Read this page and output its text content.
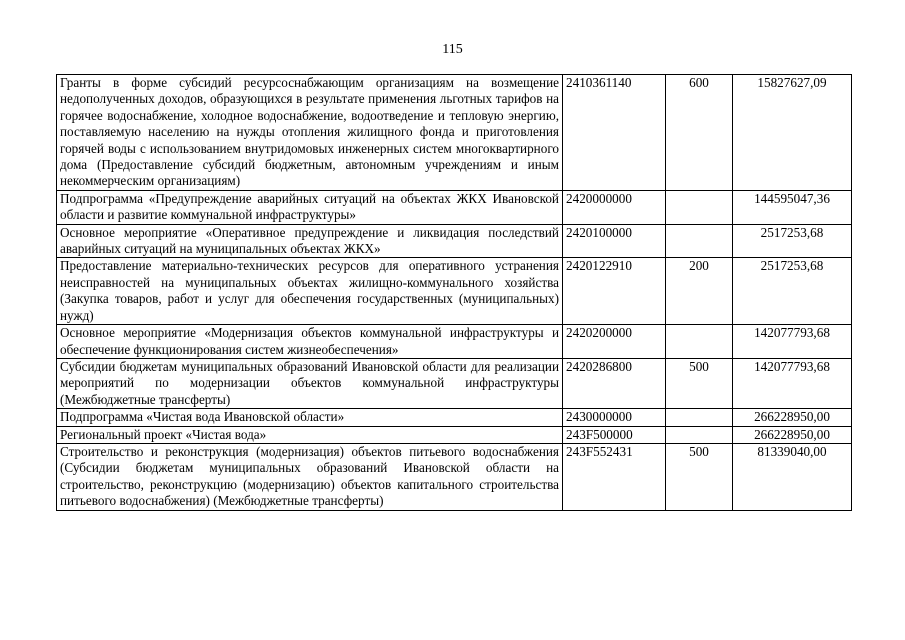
115
Гранты в форме субсидий ресурсоснабжающим организациям на возмещение недополученных доходов, образующихся в результате применения льготных тарифов на горячее водоснабжение, холодное водоснабжение, водоотведение и тепловую энергию, поставляемую населению на нужды отопления жилищного фонда и приготовления горячей воды с использованием внутридомовых инженерных систем многоквартирного дома (Предоставление субсидий бюджетным, автономным учреждениям и иным некоммерческим организациям)	2410361140	600	15827627,09
Подпрограмма «Предупреждение аварийных ситуаций на объектах ЖКХ Ивановской области и развитие коммунальной инфраструктуры»	2420000000		144595047,36
Основное мероприятие «Оперативное предупреждение и ликвидация последствий аварийных ситуаций на муниципальных объектах ЖКХ»	2420100000		2517253,68
Предоставление материально-технических ресурсов для оперативного устранения неисправностей на муниципальных объектах жилищно-коммунального хозяйства (Закупка товаров, работ и услуг для обеспечения государственных (муниципальных) нужд)	2420122910	200	2517253,68
Основное мероприятие «Модернизация объектов коммунальной инфраструктуры и обеспечение функционирования систем жизнеобеспечения»	2420200000		142077793,68
Субсидии бюджетам муниципальных образований Ивановской области для реализации мероприятий по модернизации объектов коммунальной инфраструктуры (Межбюджетные трансферты)	2420286800	500	142077793,68
Подпрограмма «Чистая вода Ивановской области»	2430000000		266228950,00
Региональный проект «Чистая вода»	243F500000		266228950,00
Строительство и реконструкция (модернизация) объектов питьевого водоснабжения (Субсидии бюджетам муниципальных образований Ивановской области на строительство, реконструкцию (модернизацию) объектов капитального строительства питьевого водоснабжения) (Межбюджетные трансферты)	243F552431	500	81339040,00
